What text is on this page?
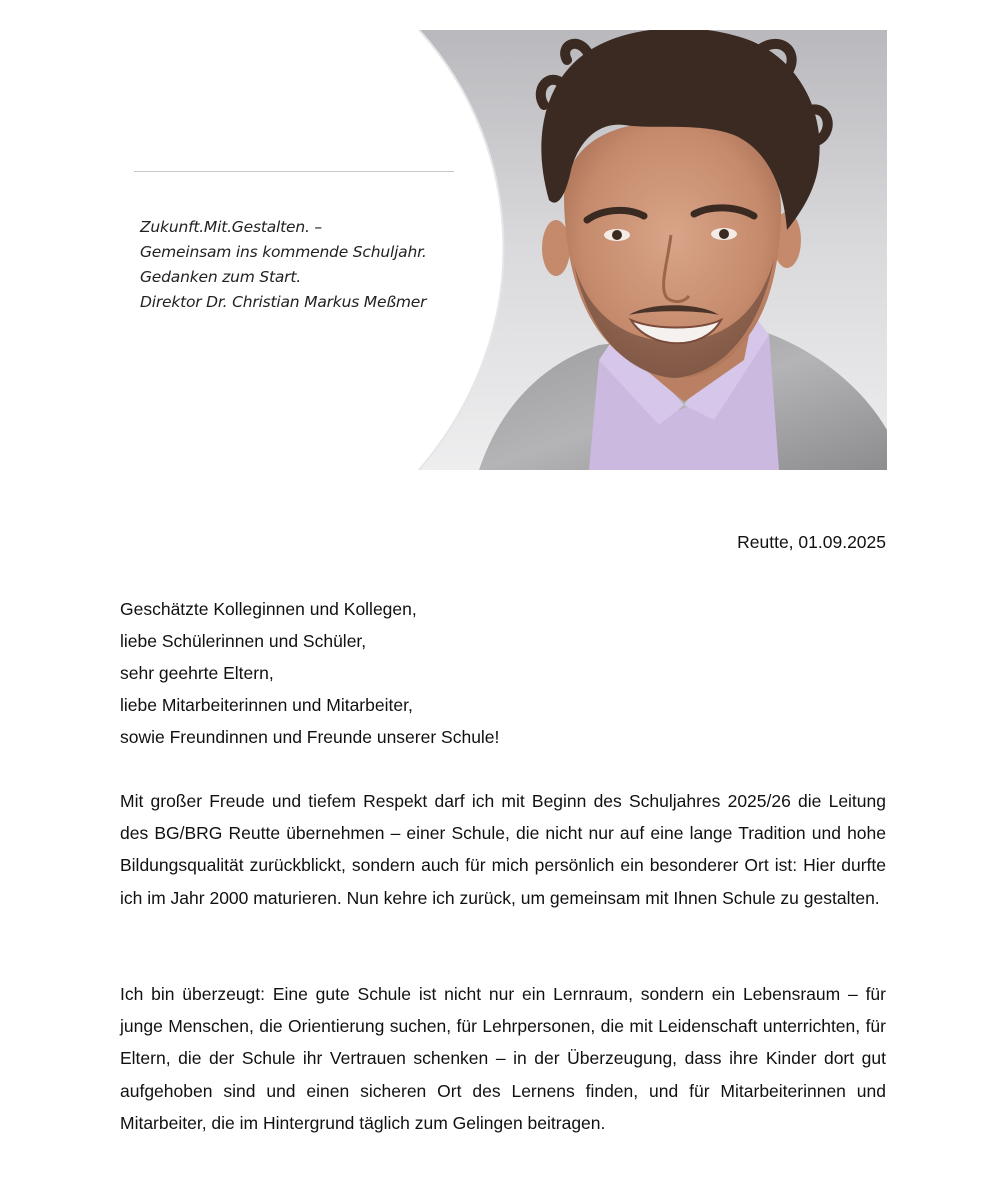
Zukunft.Mit.Gestalten. –
Gemeinsam ins kommende Schuljahr.
Gedanken zum Start.
Direktor Dr. Christian Markus Meßmer
Reutte, 01.09.2025
Geschätzte Kolleginnen und Kollegen,
liebe Schülerinnen und Schüler,
sehr geehrte Eltern,
liebe Mitarbeiterinnen und Mitarbeiter,
sowie Freundinnen und Freunde unserer Schule!

Mit großer Freude und tiefem Respekt darf ich mit Beginn des Schuljahres 2025/26 die Leitung des BG/BRG Reutte übernehmen – einer Schule, die nicht nur auf eine lange Tradition und hohe Bildungsqualität zurückblickt, sondern auch für mich persönlich ein besonderer Ort ist: Hier durfte ich im Jahr 2000 maturieren. Nun kehre ich zurück, um gemeinsam mit Ihnen Schule zu gestalten.

Ich bin überzeugt: Eine gute Schule ist nicht nur ein Lernraum, sondern ein Lebensraum – für junge Menschen, die Orientierung suchen, für Lehrpersonen, die mit Leidenschaft unterrichten, für Eltern, die der Schule ihr Vertrauen schenken – in der Überzeugung, dass ihre Kinder dort gut aufgehoben sind und einen sicheren Ort des Lernens finden, und für Mitarbeiterinnen und Mitarbeiter, die im Hintergrund täglich zum Gelingen beitragen.
